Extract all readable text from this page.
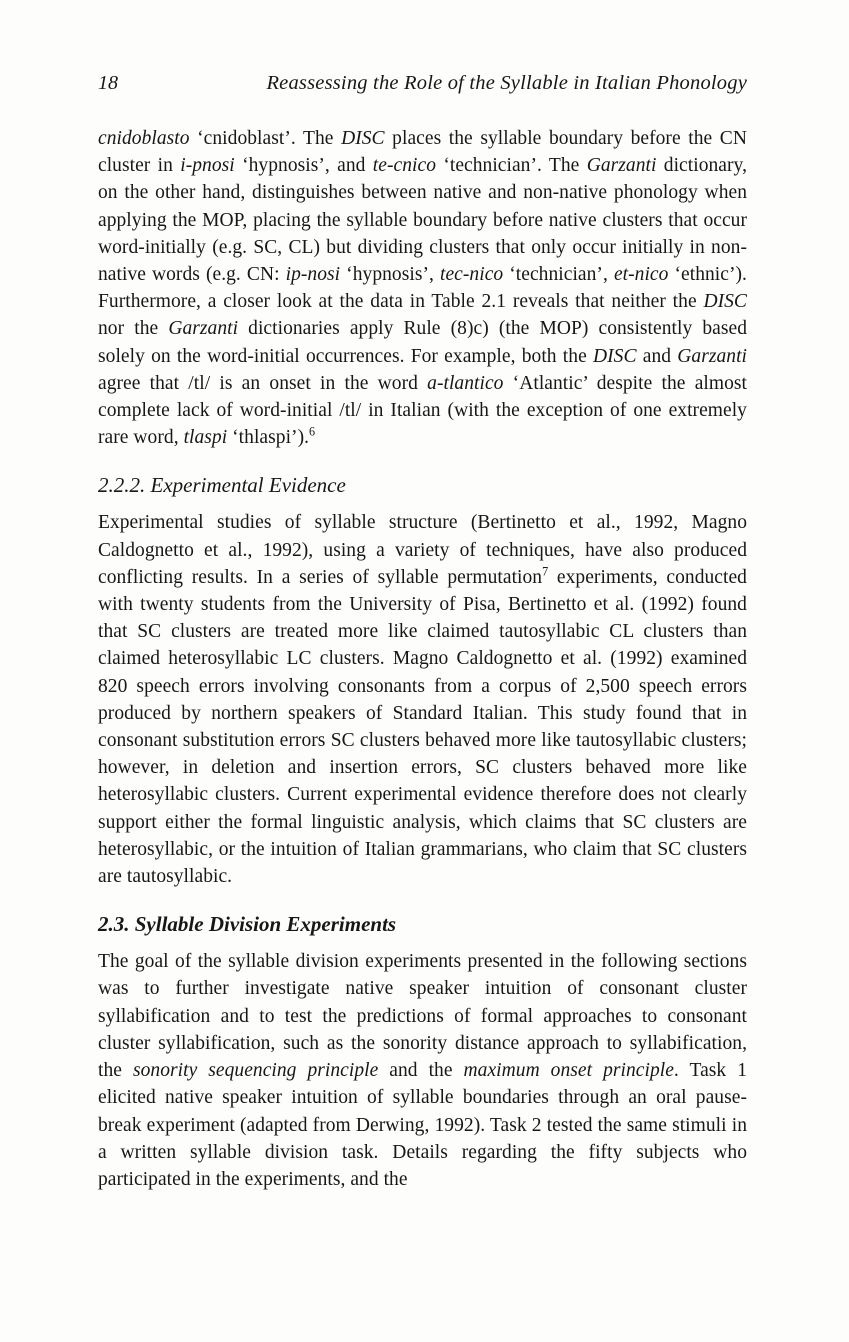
18	Reassessing the Role of the Syllable in Italian Phonology

cnidoblasto ‘cnidoblast’. The DISC places the syllable boundary before the CN cluster in i-pnosi ‘hypnosis’, and te-cnico ‘technician’. The Garzanti dictionary, on the other hand, distinguishes between native and non-native phonology when applying the MOP, placing the syllable boundary before native clusters that occur word-initially (e.g. SC, CL) but dividing clusters that only occur initially in non-native words (e.g. CN: ip-nosi ‘hypnosis’, tec-nico ‘technician’, et-nico ‘ethnic’). Furthermore, a closer look at the data in Table 2.1 reveals that neither the DISC nor the Garzanti dictionaries apply Rule (8)c) (the MOP) consistently based solely on the word-initial occurrences. For example, both the DISC and Garzanti agree that /tl/ is an onset in the word a-tlantico ‘Atlantic’ despite the almost complete lack of word-initial /tl/ in Italian (with the exception of one extremely rare word, tlaspi ‘thlaspi’).$^6$

2.2.2. Experimental Evidence

Experimental studies of syllable structure (Bertinetto et al., 1992, Magno Caldognetto et al., 1992), using a variety of techniques, have also produced conflicting results. In a series of syllable permutation$^7$ experiments, conducted with twenty students from the University of Pisa, Bertinetto et al. (1992) found that SC clusters are treated more like claimed tautosyllabic CL clusters than claimed heterosyllabic LC clusters. Magno Caldognetto et al. (1992) examined 820 speech errors involving consonants from a corpus of 2,500 speech errors produced by northern speakers of Standard Italian. This study found that in consonant substitution errors SC clusters behaved more like tautosyllabic clusters; however, in deletion and insertion errors, SC clusters behaved more like heterosyllabic clusters. Current experimental evidence therefore does not clearly support either the formal linguistic analysis, which claims that SC clusters are heterosyllabic, or the intuition of Italian grammarians, who claim that SC clusters are tautosyllabic.

2.3. Syllable Division Experiments

The goal of the syllable division experiments presented in the following sections was to further investigate native speaker intuition of consonant cluster syllabification and to test the predictions of formal approaches to consonant cluster syllabification, such as the sonority distance approach to syllabification, the sonority sequencing principle and the maximum onset principle. Task 1 elicited native speaker intuition of syllable boundaries through an oral pause-break experiment (adapted from Derwing, 1992). Task 2 tested the same stimuli in a written syllable division task. Details regarding the fifty subjects who participated in the experiments, and the
